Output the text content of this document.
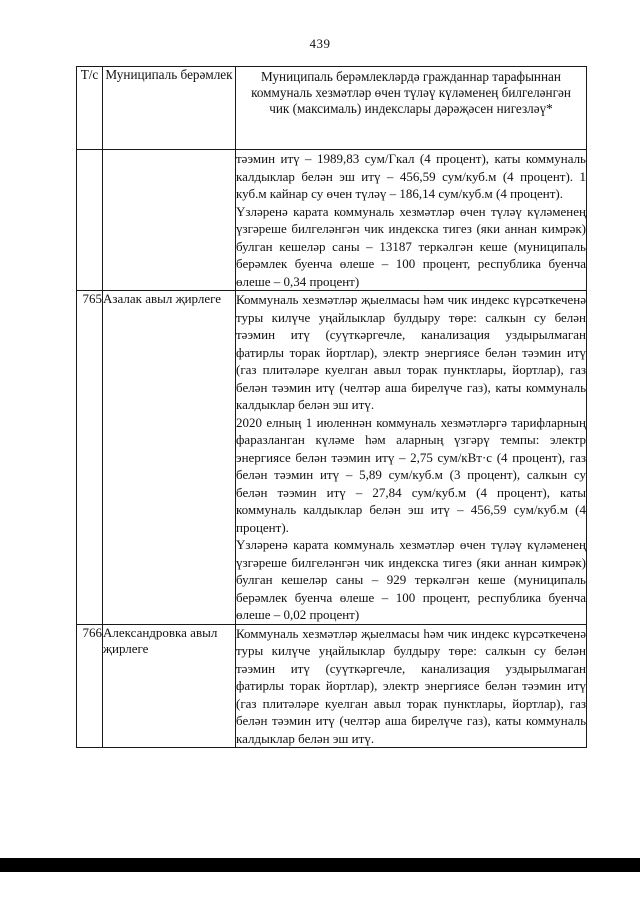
439
Т/с	Муниципаль берәмлек	Муниципаль берәмлекләрдә гражданнар тарафыннан коммуналь хезмәтләр өчен түләү күләменең билгеләнгән чик (максималь) индекслары дәрәҗәсен нигезләү*

		тәэмин итү – 1989,83 сум/Гкал (4 процент), каты коммуналь калдыклар белән эш итү – 456,59 сум/куб.м (4 процент). 1 куб.м кайнар су өчен түләү – 186,14 сум/куб.м (4 процент).

Үзләренә карата коммуналь хезмәтләр өчен түләү күләменең үзгәреше билгеләнгән чик индекска тигез (яки аннан кимрәк) булган кешеләр саны – 13187 теркәлгән кеше (муниципаль берәмлек буенча өлеше – 100 процент, республика буенча өлеше – 0,34 процент)

765	Азалак авыл җирлеге	Коммуналь хезмәтләр җыелмасы һәм чик индекс күрсәткеченә туры килүче уңайлыклар булдыру төре: салкын су белән тәэмин итү (суүткәргечле, канализация уздырылмаган фатирлы торак йортлар), электр энергиясе белән тәэмин итү (газ плитәләре куелган авыл торак пунктлары, йортлар), газ белән тәэмин итү (челтәр аша бирелүче газ), каты коммуналь калдыклар белән эш итү.

2020 елның 1 июленнән коммуналь хезмәтләргә тарифларның фаразланган күләме һәм аларның үзгәрү темпы: электр энергиясе белән тәэмин итү – 2,75 сум/кВт·с (4 процент), газ белән тәэмин итү – 5,89 сум/куб.м (3 процент), салкын су белән тәэмин итү – 27,84 сум/куб.м (4 процент), каты коммуналь калдыклар белән эш итү – 456,59 сум/куб.м (4 процент).

Үзләренә карата коммуналь хезмәтләр өчен түләү күләменең үзгәреше билгеләнгән чик индекска тигез (яки аннан кимрәк) булган кешеләр саны – 929 теркәлгән кеше (муниципаль берәмлек буенча өлеше – 100 процент, республика буенча өлеше – 0,02 процент)

766	Александровка авыл җирлеге	Коммуналь хезмәтләр җыелмасы һәм чик индекс күрсәткеченә туры килүче уңайлыклар булдыру төре: салкын су белән тәэмин итү (суүткәргечле, канализация уздырылмаган фатирлы торак йортлар), электр энергиясе белән тәэмин итү (газ плитәләре куелган авыл торак пунктлары, йортлар), газ белән тәэмин итү (челтәр аша бирелүче газ), каты коммуналь калдыклар белән эш итү.
